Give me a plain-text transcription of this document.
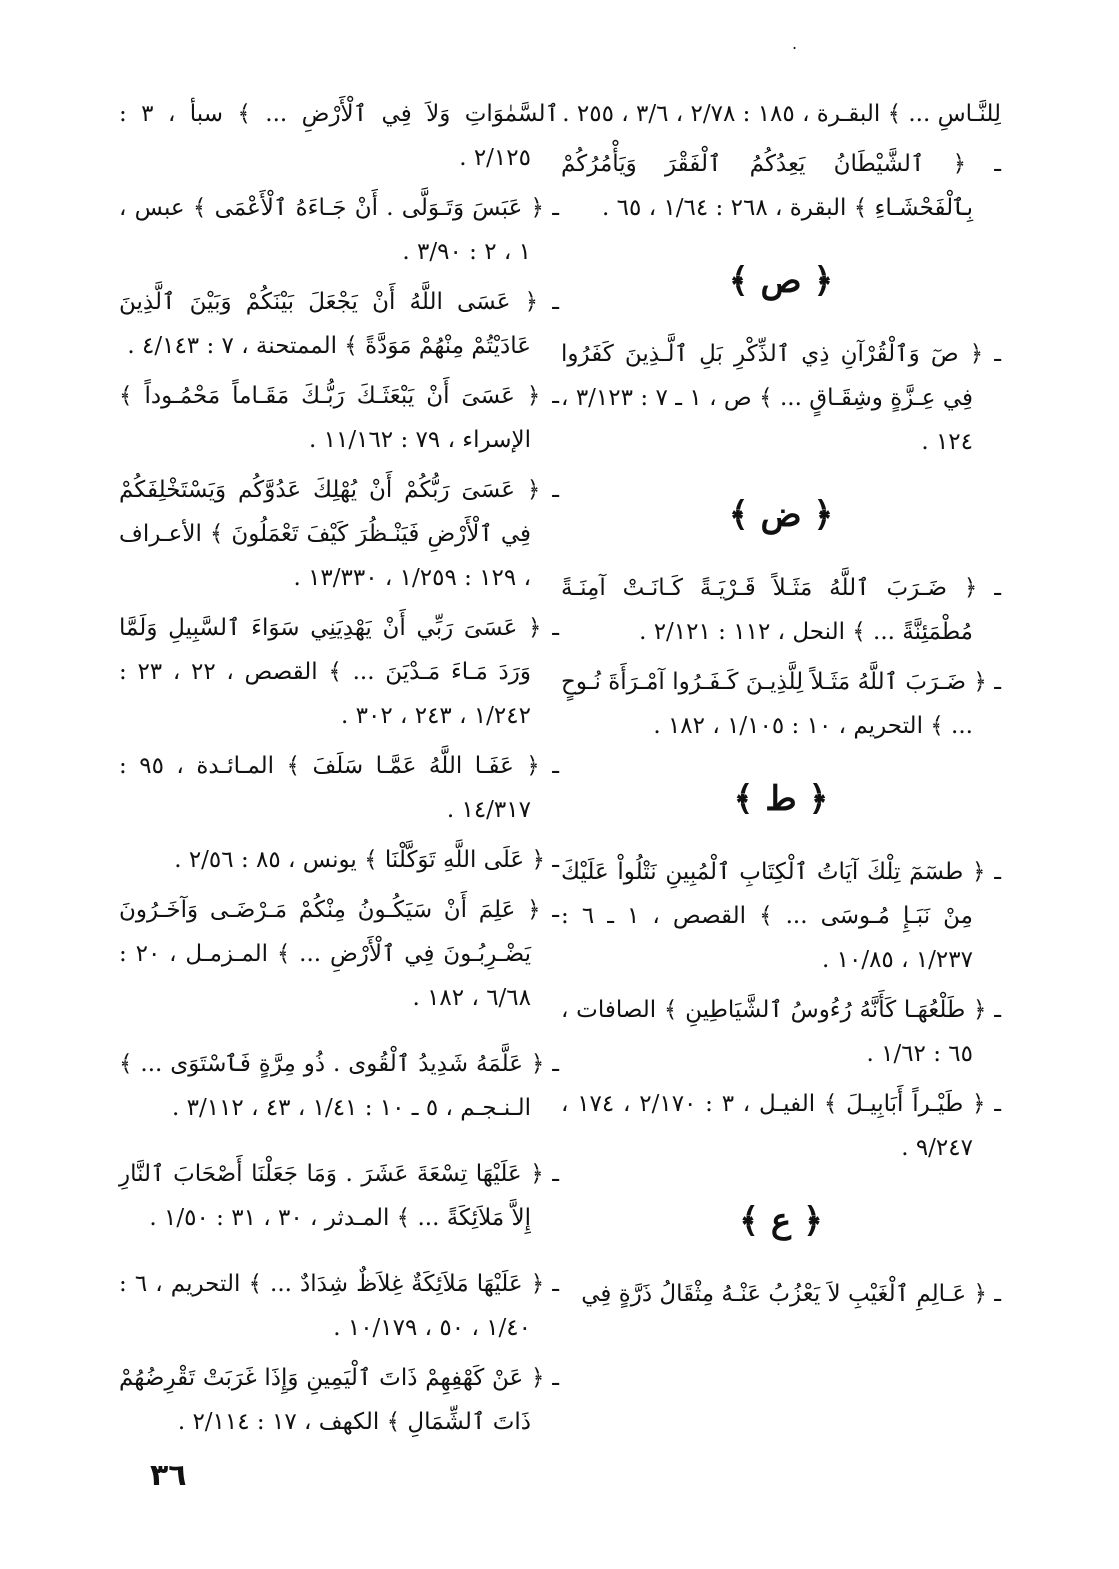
.

لِلنَّـاسِ ... ﴾ البقـرة ، ١٨٥ : ٢/٧٨ ، ٣/٦ ، ٢٥٥ .

ـ ﴿ ٱلشَّيْطَانُ يَعِدُكُمُ ٱلْفَقْرَ وَيَأْمُرُكُمْ بِٱلْفَحْشَـاءِ ﴾ البقرة ، ٢٦٨ : ١/٦٤ ، ٦٥ .

﴿ ص ﴾

ـ ﴿ صٓ وَٱلْقُرْآنِ ذِي ٱلذِّكْرِ بَلِ ٱلَّـذِينَ كَفَرُوا فِي عِـزَّةٍ وشِقَـاقٍ ... ﴾ ص ، ١ ـ ٧ : ٣/١٢٣ ، ١٢٤ .

﴿ ض ﴾

ـ ﴿ ضَـرَبَ ٱللَّهُ مَثَـلاً قَـرْيَـةً كَـانَـتْ آمِنَـةً مُطْمَئِنَّةً ... ﴾ النحل ، ١١٢ : ٢/١٢١ .

ـ ﴿ ضَـرَبَ ٱللَّهُ مَثَـلاً لِلَّذِيـنَ كَـفَـرُوا آمْـرَأَةَ نُـوحٍ ... ﴾ التحريم ، ١٠ : ١/١٠٥ ، ١٨٢ .

﴿ ط ﴾

ـ ﴿ طسٓمٓ تِلْكَ آيَاتُ ٱلْكِتَابِ ٱلْمُبِينِ نَتْلُواْ عَلَيْكَ مِنْ نَبَـإِ مُـوسَى ... ﴾ القصص ، ١ ـ ٦ : ١/٢٣٧ ، ١٠/٨٥ .

ـ ﴿ طَلْعُهَـا كَأَنَّهُ رُءُوسُ ٱلشَّيَاطِينِ ﴾ الصافات ، ٦٥ : ١/٦٢ .

ـ ﴿ طَيْـراً أَبَابِيـلَ ﴾ الفيـل ، ٣ : ٢/١٧٠ ، ١٧٤ ، ٩/٢٤٧ .

﴿ ع ﴾

ـ ﴿ عَـالِمِ ٱلْغَيْبِ لاَ يَعْزُبُ عَنْـهُ مِثْقَالُ ذَرَّةٍ فِي

ٱلسَّمٰوَاتِ وَلاَ فِي ٱلْأَرْضِ ... ﴾ سبأ ، ٣ : ٢/١٢٥ .

ـ ﴿ عَبَسَ وَتَـوَلَّى . أَنْ جَـاءَهُ ٱلْأَعْمَى ﴾ عبس ، ١ ، ٢ : ٣/٩٠ .

ـ ﴿ عَسَى اللَّهُ أَنْ يَجْعَلَ بَيْنَكُمْ وَبَيْنَ ٱلَّذِينَ عَادَيْتُمْ مِنْهُمْ مَوَدَّةً ﴾ الممتحنة ، ٧ : ٤/١٤٣ .

ـ ﴿ عَسَىَ أَنْ يَبْعَثَـكَ رَبُّـكَ مَقَـاماً مَحْمُـوداً ﴾ الإسراء ، ٧٩ : ١١/١٦٢ .

ـ ﴿ عَسَىَ رَبُّكُمْ أَنْ يُهْلِكَ عَدُوَّكُم وَيَسْتَخْلِفَكُمْ فِي ٱلْأَرْضِ فَيَنْـظُرَ كَيْفَ تَعْمَلُونَ ﴾ الأعـراف ، ١٢٩ : ١/٢٥٩ ، ١٣/٣٣٠ .

ـ ﴿ عَسَىَ رَبِّي أَنْ يَهْدِيَنِي سَوَاءَ ٱلسَّبِيلِ وَلَمَّا وَرَدَ مَـاءَ مَـدْيَنَ ... ﴾ القصص ، ٢٢ ، ٢٣ : ١/٢٤٢ ، ٢٤٣ ، ٣٠٢ .

ـ ﴿ عَفَـا اللَّهُ عَمَّـا سَلَفَ ﴾ المـائـدة ، ٩٥ : ١٤/٣١٧ .

ـ ﴿ عَلَى اللَّهِ تَوَكَّلْنَا ﴾ يونس ، ٨٥ : ٢/٥٦ .

ـ ﴿ عَلِمَ أَنْ سَيَكُـونُ مِنْكُمْ مَـرْضَـى وَآخَـرُونَ يَضْـرِبُـونَ فِي ٱلْأَرْضِ ... ﴾ المـزمـل ، ٢٠ : ٦/٦٨ ، ١٨٢ .

ـ ﴿ عَلَّمَهُ شَدِيدُ ٱلْقُوى . ذُو مِرَّةٍ فَٱسْتَوَى ... ﴾ الـنـجـم ، ٥ ـ ١٠ : ١/٤١ ، ٤٣ ، ٣/١١٢ .

ـ ﴿ عَلَيْهَا تِسْعَةَ عَشَرَ . وَمَا جَعَلْنَا أَصْحَابَ ٱلنَّارِ إِلاَّ مَلاَئِكَةً ... ﴾ المـدثر ، ٣٠ ، ٣١ : ١/٥٠ .

ـ ﴿ عَلَيْهَا مَلاَئِكَةٌ غِلاَظٌ شِدَادٌ ... ﴾ التحريم ، ٦ : ١/٤٠ ، ٥٠ ، ١٠/١٧٩ .

ـ ﴿ عَنْ كَهْفِهِمْ ذَاتَ ٱلْيَمِينِ وَإِذَا غَرَبَتْ تَقْرِضُهُمْ ذَاتَ ٱلشِّمَالِ ﴾ الكهف ، ١٧ : ٢/١١٤ .

٣٦
